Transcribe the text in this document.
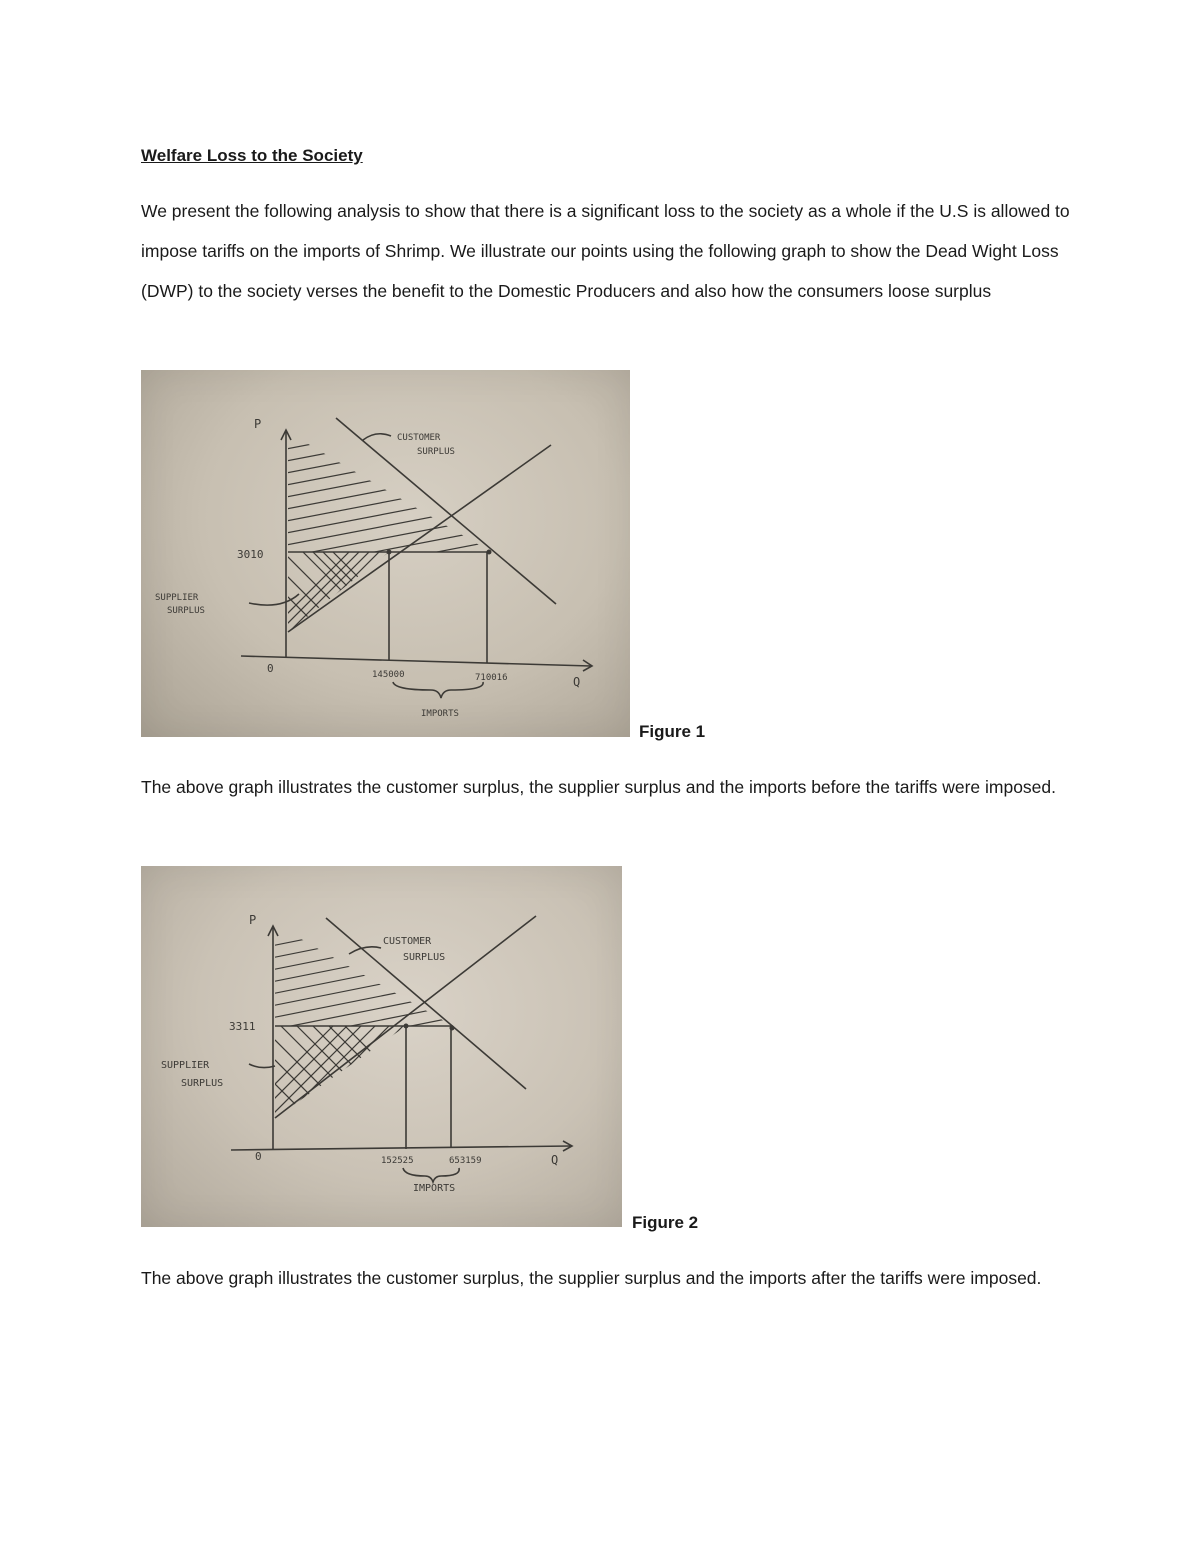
Welfare Loss to the Society

We present the following analysis to show that there is a significant loss to the society as a whole if the U.S is allowed to impose tariffs on the imports of Shrimp. We illustrate our points using the following graph to show the Dead Wight Loss (DWP) to the society verses the benefit to the Domestic Producers and also how the consumers loose surplus

P
Q
0
3010
CUSTOMER
SURPLUS
SUPPLIER
SURPLUS
145000	710016
IMPORTS
Figure 1

The above graph illustrates the customer surplus, the supplier surplus and the imports before the tariffs were imposed.

P
Q
0
3311
CUSTOMER
SURPLUS
SUPPLIER
SURPLUS
152525	653159
IMPORTS
Figure 2

The above graph illustrates the customer surplus, the supplier surplus and the imports after the tariffs were imposed.
